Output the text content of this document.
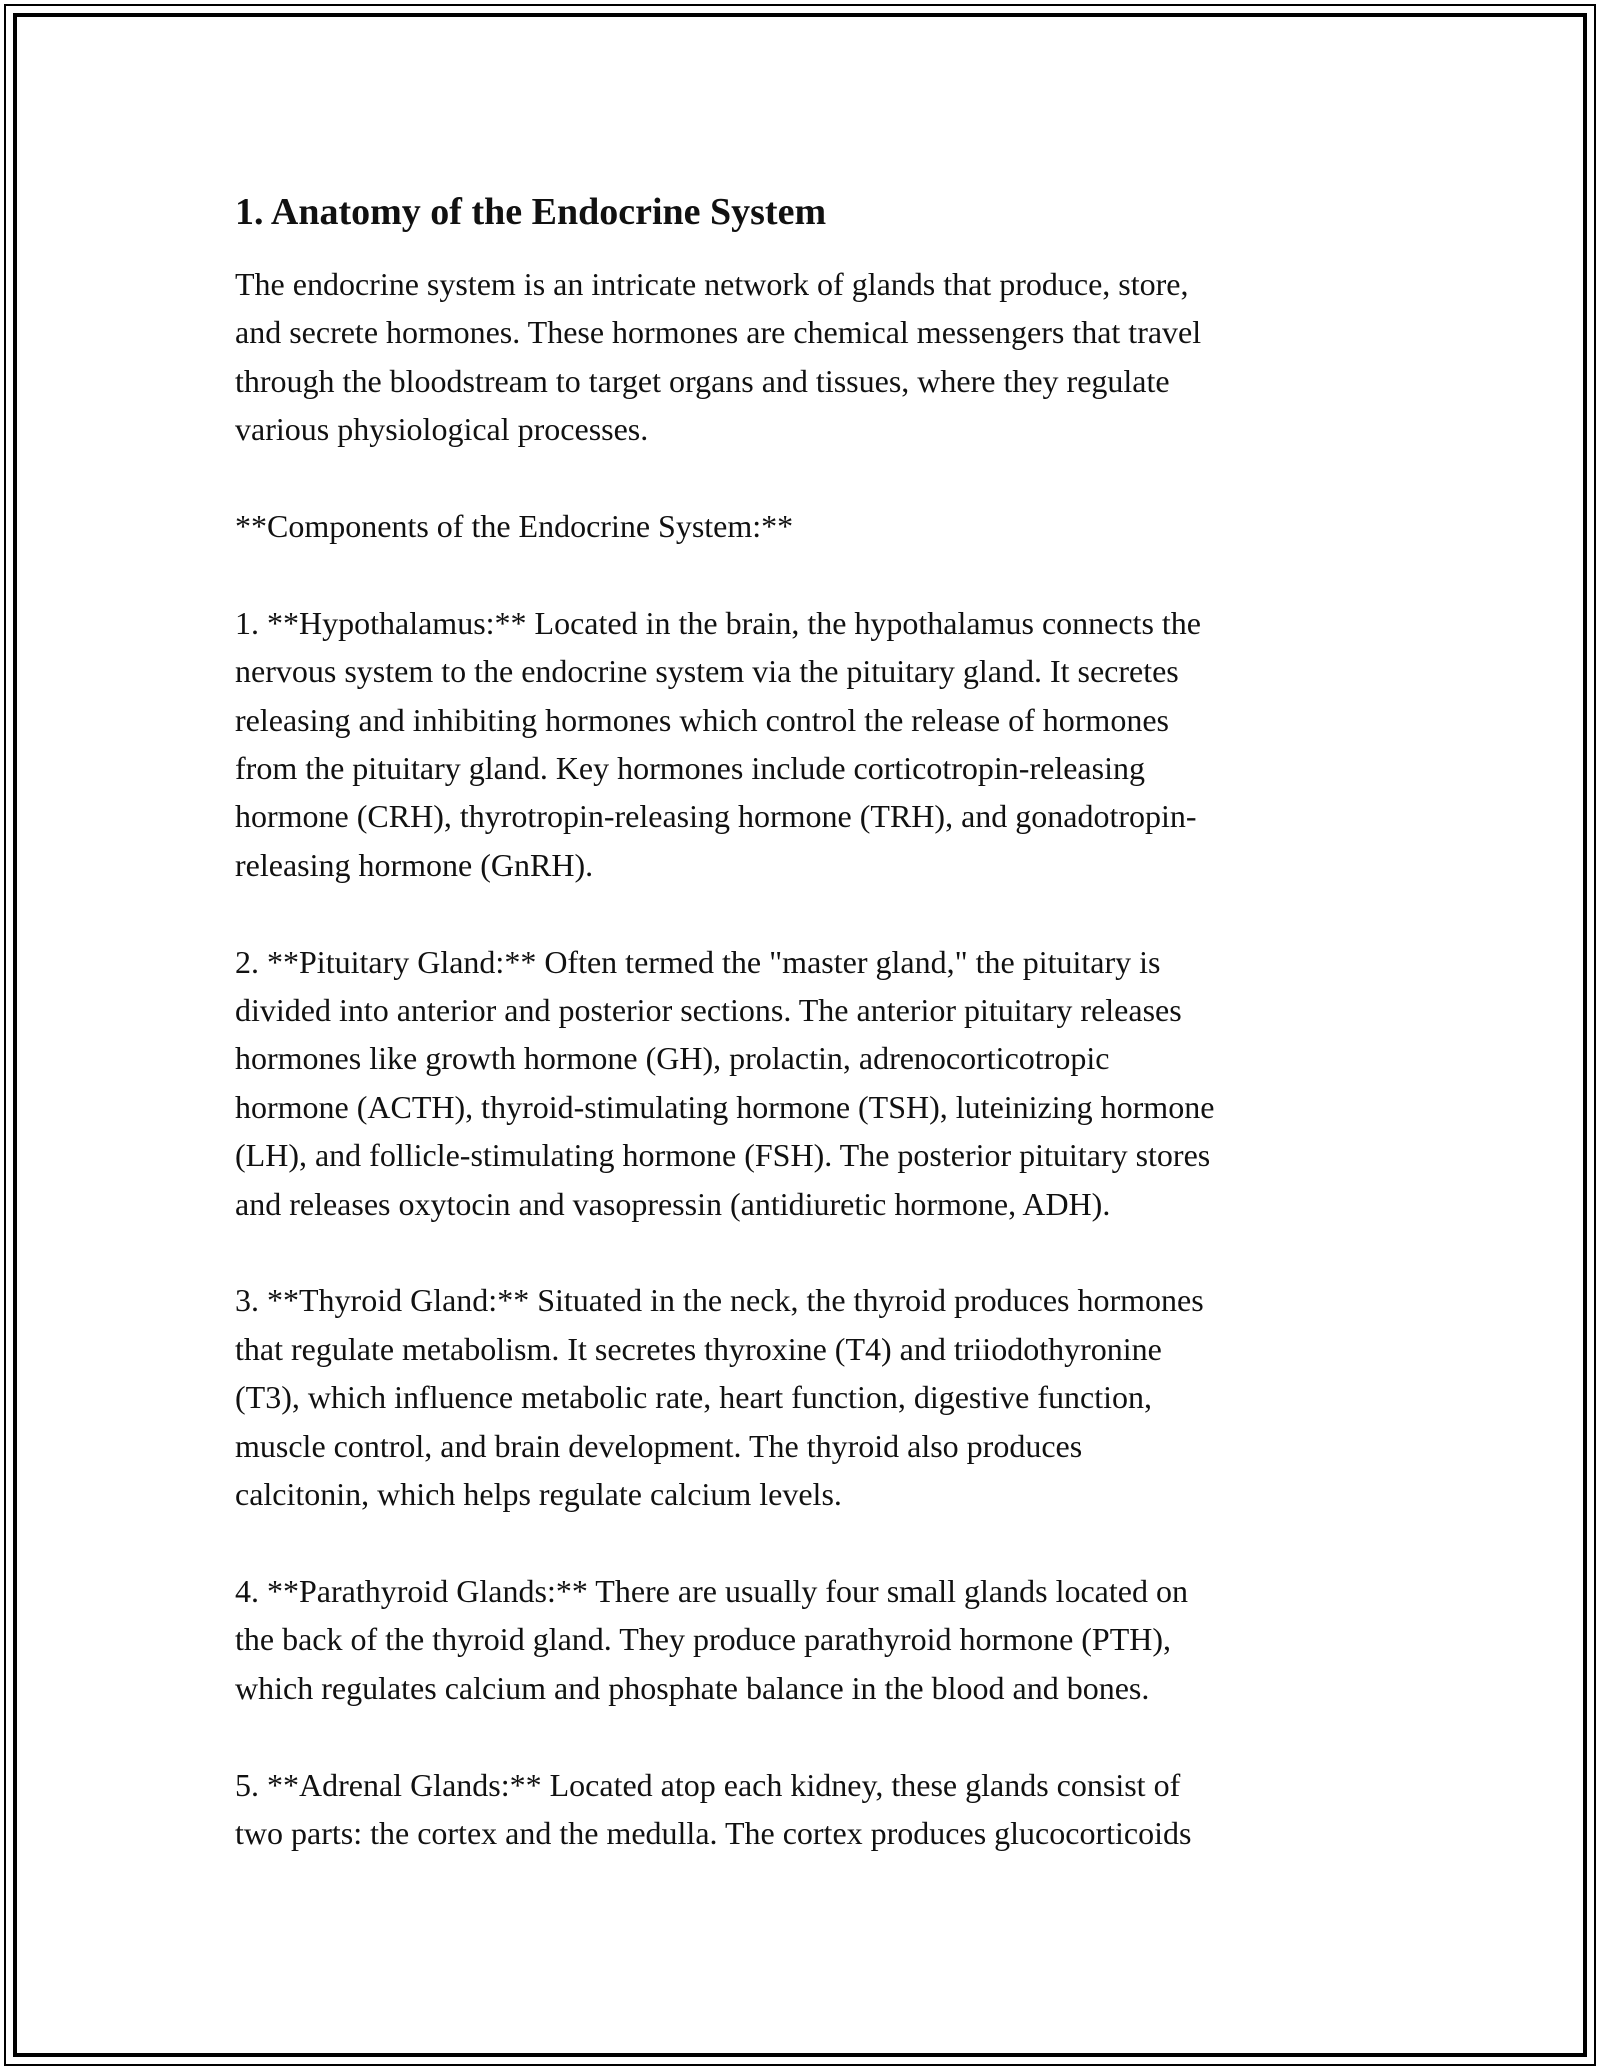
1. Anatomy of the Endocrine System

The endocrine system is an intricate network of glands that produce, store,
and secrete hormones. These hormones are chemical messengers that travel
through the bloodstream to target organs and tissues, where they regulate
various physiological processes.

**Components of the Endocrine System:**

1. **Hypothalamus:** Located in the brain, the hypothalamus connects the
nervous system to the endocrine system via the pituitary gland. It secretes
releasing and inhibiting hormones which control the release of hormones
from the pituitary gland. Key hormones include corticotropin-releasing
hormone (CRH), thyrotropin-releasing hormone (TRH), and gonadotropin-
releasing hormone (GnRH).

2. **Pituitary Gland:** Often termed the "master gland," the pituitary is
divided into anterior and posterior sections. The anterior pituitary releases
hormones like growth hormone (GH), prolactin, adrenocorticotropic
hormone (ACTH), thyroid-stimulating hormone (TSH), luteinizing hormone
(LH), and follicle-stimulating hormone (FSH). The posterior pituitary stores
and releases oxytocin and vasopressin (antidiuretic hormone, ADH).

3. **Thyroid Gland:** Situated in the neck, the thyroid produces hormones
that regulate metabolism. It secretes thyroxine (T4) and triiodothyronine
(T3), which influence metabolic rate, heart function, digestive function,
muscle control, and brain development. The thyroid also produces
calcitonin, which helps regulate calcium levels.

4. **Parathyroid Glands:** There are usually four small glands located on
the back of the thyroid gland. They produce parathyroid hormone (PTH),
which regulates calcium and phosphate balance in the blood and bones.

5. **Adrenal Glands:** Located atop each kidney, these glands consist of
two parts: the cortex and the medulla. The cortex produces glucocorticoids
